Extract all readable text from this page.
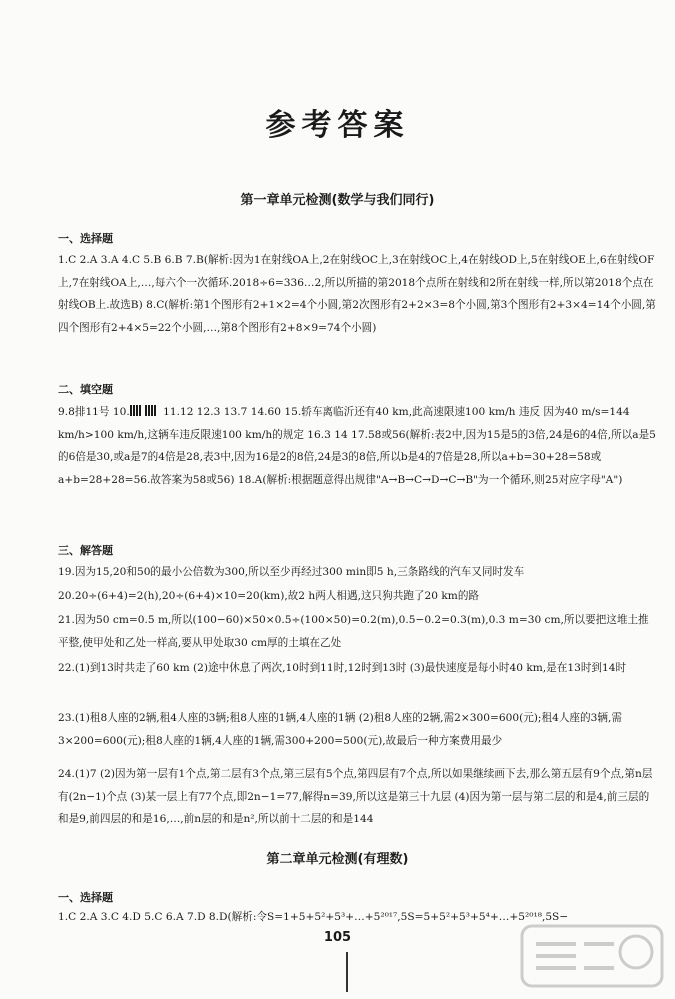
参考答案
第一章单元检测(数学与我们同行)
一、选择题

1.C 2.A 3.A 4.C 5.B 6.B 7.B(解析:因为1在射线OA上,2在射线OC上,3在射线OC上,4在射线OD上,5在射线OE上,6在射线OF上,7在射线OA上,…,每六个一次循环.2018÷6=336…2,所以所描的第2018个点所在射线和2所在射线一样,所以第2018个点在射线OB上.故选B) 8.C(解析:第1个图形有2+1×2=4个小圆,第2次图形有2+2×3=8个小圆,第3个图形有2+3×4=14个小圆,第四个图形有2+4×5=22个小圆,…,第8个图形有2+8×9=74个小圆)

二、填空题

9.8排11号 10.	11.12 12.3 13.7 14.60 15.轿车离临沂还有40 km,此高速限速100 km/h 违反 因为40 m/s=144 km/h>100 km/h,这辆车违反限速100 km/h的规定 16.3 14 17.58或56(解析:表2中,因为15是5的3倍,24是6的4倍,所以a是5的6倍是30,或a是7的4倍是28,表3中,因为16是2的8倍,24是3的8倍,所以b是4的7倍是28,所以a+b=30+28=58或a+b=28+28=56.故答案为58或56) 18.A(解析:根据题意得出规律"A→B→C→D→C→B"为一个循环,则25对应字母"A")

三、解答题

19.因为15,20和50的最小公倍数为300,所以至少再经过300 min即5 h,三条路线的汽车又同时发车

20.20÷(6+4)=2(h),20÷(6+4)×10=20(km),故2 h两人相遇,这只狗共跑了20 km的路

21.因为50 cm=0.5 m,所以(100−60)×50×0.5÷(100×50)=0.2(m),0.5−0.2=0.3(m),0.3 m=30 cm,所以要把这堆土推平整,使甲处和乙处一样高,要从甲处取30 cm厚的土填在乙处

22.(1)到13时共走了60 km (2)途中休息了两次,10时到11时,12时到13时 (3)最快速度是每小时40 km,是在13时到14时

23.(1)租8人座的2辆,租4人座的3辆;租8人座的1辆,4人座的1辆 (2)租8人座的2辆,需2×300=600(元);租4人座的3辆,需3×200=600(元);租8人座的1辆,4人座的1辆,需300+200=500(元),故最后一种方案费用最少

24.(1)7 (2)因为第一层有1个点,第二层有3个点,第三层有5个点,第四层有7个点,所以如果继续画下去,那么第五层有9个点,第n层有(2n−1)个点 (3)某一层上有77个点,即2n−1=77,解得n=39,所以这是第三十九层 (4)因为第一层与第二层的和是4,前三层的和是9,前四层的和是16,…,前n层的和是n²,所以前十二层的和是144

第二章单元检测(有理数)
一、选择题

1.C 2.A 3.C 4.D 5.C 6.A 7.D 8.D(解析:令S=1+5+5²+5³+…+5²⁰¹⁷,5S=5+5²+5³+5⁴+…+5²⁰¹⁸,5S−

105
